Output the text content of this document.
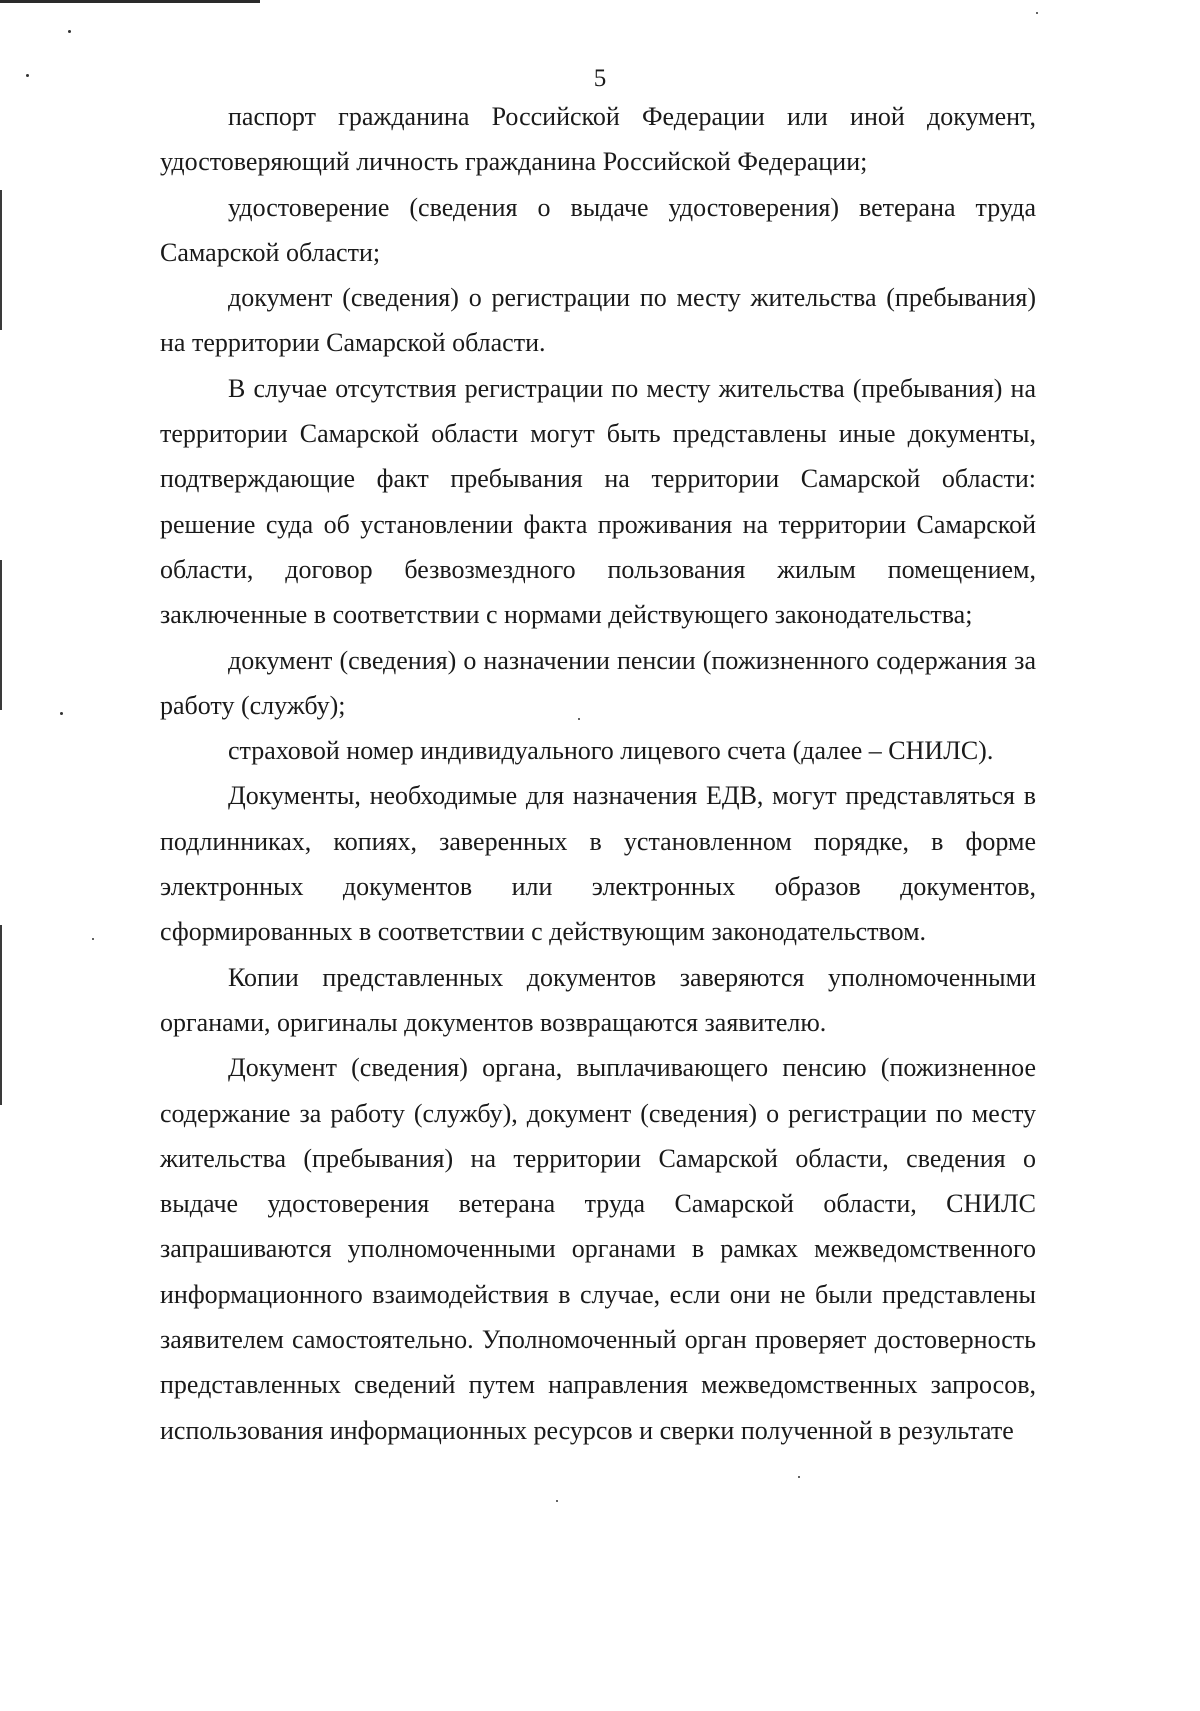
5

паспорт гражданина Российской Федерации или иной документ, удостоверяющий личность гражданина Российской Федерации;

удостоверение (сведения о выдаче удостоверения) ветерана труда Самарской области;

документ (сведения) о регистрации по месту жительства (пребывания) на территории Самарской области.

В случае отсутствия регистрации по месту жительства (пребывания) на территории Самарской области могут быть представлены иные документы, подтверждающие факт пребывания на территории Самарской области: решение суда об установлении факта проживания на территории Самарской области, договор безвозмездного пользования жилым помещением, заключенные в соответствии с нормами действующего законодательства;

документ (сведения) о назначении пенсии (пожизненного содержания за работу (службу);

страховой номер индивидуального лицевого счета (далее – СНИЛС).

Документы, необходимые для назначения ЕДВ, могут представляться в подлинниках, копиях, заверенных в установленном порядке, в форме электронных документов или электронных образов документов, сформированных в соответствии с действующим законодательством.

Копии представленных документов заверяются уполномоченными органами, оригиналы документов возвращаются заявителю.

Документ (сведения) органа, выплачивающего пенсию (пожизненное содержание за работу (службу), документ (сведения) о регистрации по месту жительства (пребывания) на территории Самарской области, сведения о выдаче удостоверения ветерана труда Самарской области, СНИЛС запрашиваются уполномоченными органами в рамках межведомственного информационного взаимодействия в случае, если они не были представлены заявителем самостоятельно. Уполномоченный орган проверяет достоверность представленных сведений путем направления межведомственных запросов, использования информационных ресурсов и сверки полученной в результате
